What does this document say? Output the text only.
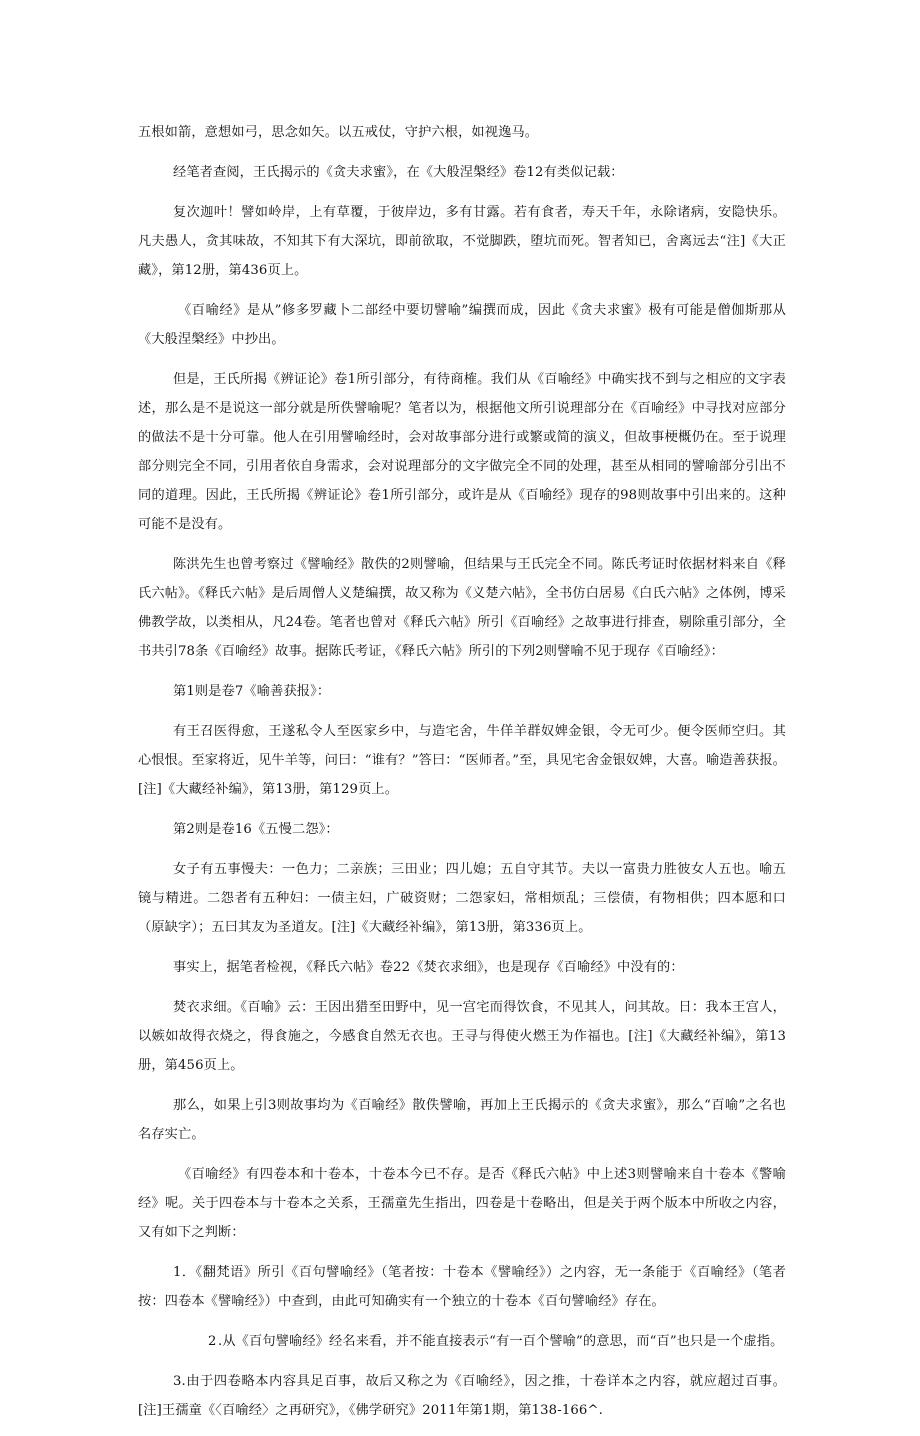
五根如箭，意想如弓，思念如矢。以五戒仗，守护六根，如视逸马。

经笔者查阅，王氏揭示的《贪夫求蜜》，在《大般涅槃经》卷12有类似记载：

复次迦叶！譬如岭岸，上有草覆，于彼岸边，多有甘露。若有食者，寿天千年，永除诸病，安隐快乐。凡夫愚人，贪其味故，不知其下有大深坑，即前欲取，不觉脚跌，堕坑而死。智者知已，舍离远去“注]《大正藏》，第12册，第436页上。

《百喻经》是从”修多罗藏卜二部经中要切譬喻”编撰而成，因此《贪夫求蜜》极有可能是僧伽斯那从《大般涅槃经》中抄出。

但是，王氏所揭《辨证论》卷1所引部分，有待商榷。我们从《百喻经》中确实找不到与之相应的文字表述，那么是不是说这一部分就是所佚譬喻呢？笔者以为，根据他文所引说理部分在《百喻经》中寻找对应部分的做法不是十分可靠。他人在引用譬喻经时，会对故事部分进行或繁或简的演义，但故事梗概仍在。至于说理部分则完全不同，引用者依自身需求，会对说理部分的文字做完全不同的处理，甚至从相同的譬喻部分引出不同的道理。因此，王氏所揭《辨证论》卷1所引部分，或许是从《百喻经》现存的98则故事中引出来的。这种可能不是没有。

陈洪先生也曾考察过《譬喻经》散佚的2则譬喻，但结果与王氏完全不同。陈氏考证时依据材料来自《释氏六帖》。《释氏六帖》是后周僧人义楚编撰，故又称为《义楚六帖》，全书仿白居易《白氏六帖》之体例，博采佛教学故，以类相从，凡24卷。笔者也曾对《释氏六帖》所引《百喻经》之故事进行排查，剔除重引部分，全书共引78条《百喻经》故事。据陈氏考证，《释氏六帖》所引的下列2则譬喻不见于现存《百喻经》：

第1则是卷7《喻善获报》：

有王召医得愈，王遂私令人至医家乡中，与造宅舍，牛佯羊群奴婢金银，令无可少。便令医师空归。其心恨恨。至家将近，见牛羊等，问曰：“谁有？”答曰：“医师者。”至，具见宅舍金银奴婢，大喜。喻造善获报。[注]《大藏经补编》，第13册，第129页上。

第2则是卷16《五慢二怨》：

女子有五事慢夫：一色力；二亲族；三田业；四儿媳；五自守其节。夫以一富贵力胜彼女人五也。喻五镜与精进。二怨者有五种妇：一债主妇，广破资财；二怨家妇，常相烦乱；三偿债，有物相供；四本愿和口（原缺字）；五曰其友为圣道友。[注]《大藏经补编》，第13册，第336页上。

事实上，据笔者检视，《释氏六帖》卷22《焚衣求细》，也是现存《百喻经》中没有的：

焚衣求细。《百喻》云：王因出猎至田野中，见一宫宅而得饮食，不见其人，问其故。日：我本王宫人，以嫉如故得衣烧之，得食施之，今感食自然无衣也。王寻与得使火燃王为作福也。[注]《大藏经补编》，第13册，第456页上。

那么，如果上引3则故事均为《百喻经》散佚譬喻，再加上王氏揭示的《贪夫求蜜》，那么“百喻”之名也名存实亡。

《百喻经》有四卷本和十卷本，十卷本今已不存。是否《释氏六帖》中上述3则譬喻来自十卷本《警喻经》呢。关于四卷本与十卷本之关系，王孺童先生指出，四卷是十卷略出，但是关于两个版本中所收之内容，又有如下之判断：

1．《翻梵语》所引《百句譬喻经》（笔者按：十卷本《譬喻经》）之内容，无一条能于《百喻经》（笔者按：四卷本《譬喻经》）中查到，由此可知确实有一个独立的十卷本《百句譬喻经》存在。

2.从《百句譬喻经》经名来看，并不能直接表示“有一百个譬喻”的意思，而“百”也只是一个虚指。

3.由于四卷略本内容具足百事，故后又称之为《百喻经》，因之推，十卷详本之内容，就应超过百事。[注]王孺童《〈百喻经〉之再研究》，《佛学研究》2011年第1期，第138-166^.
